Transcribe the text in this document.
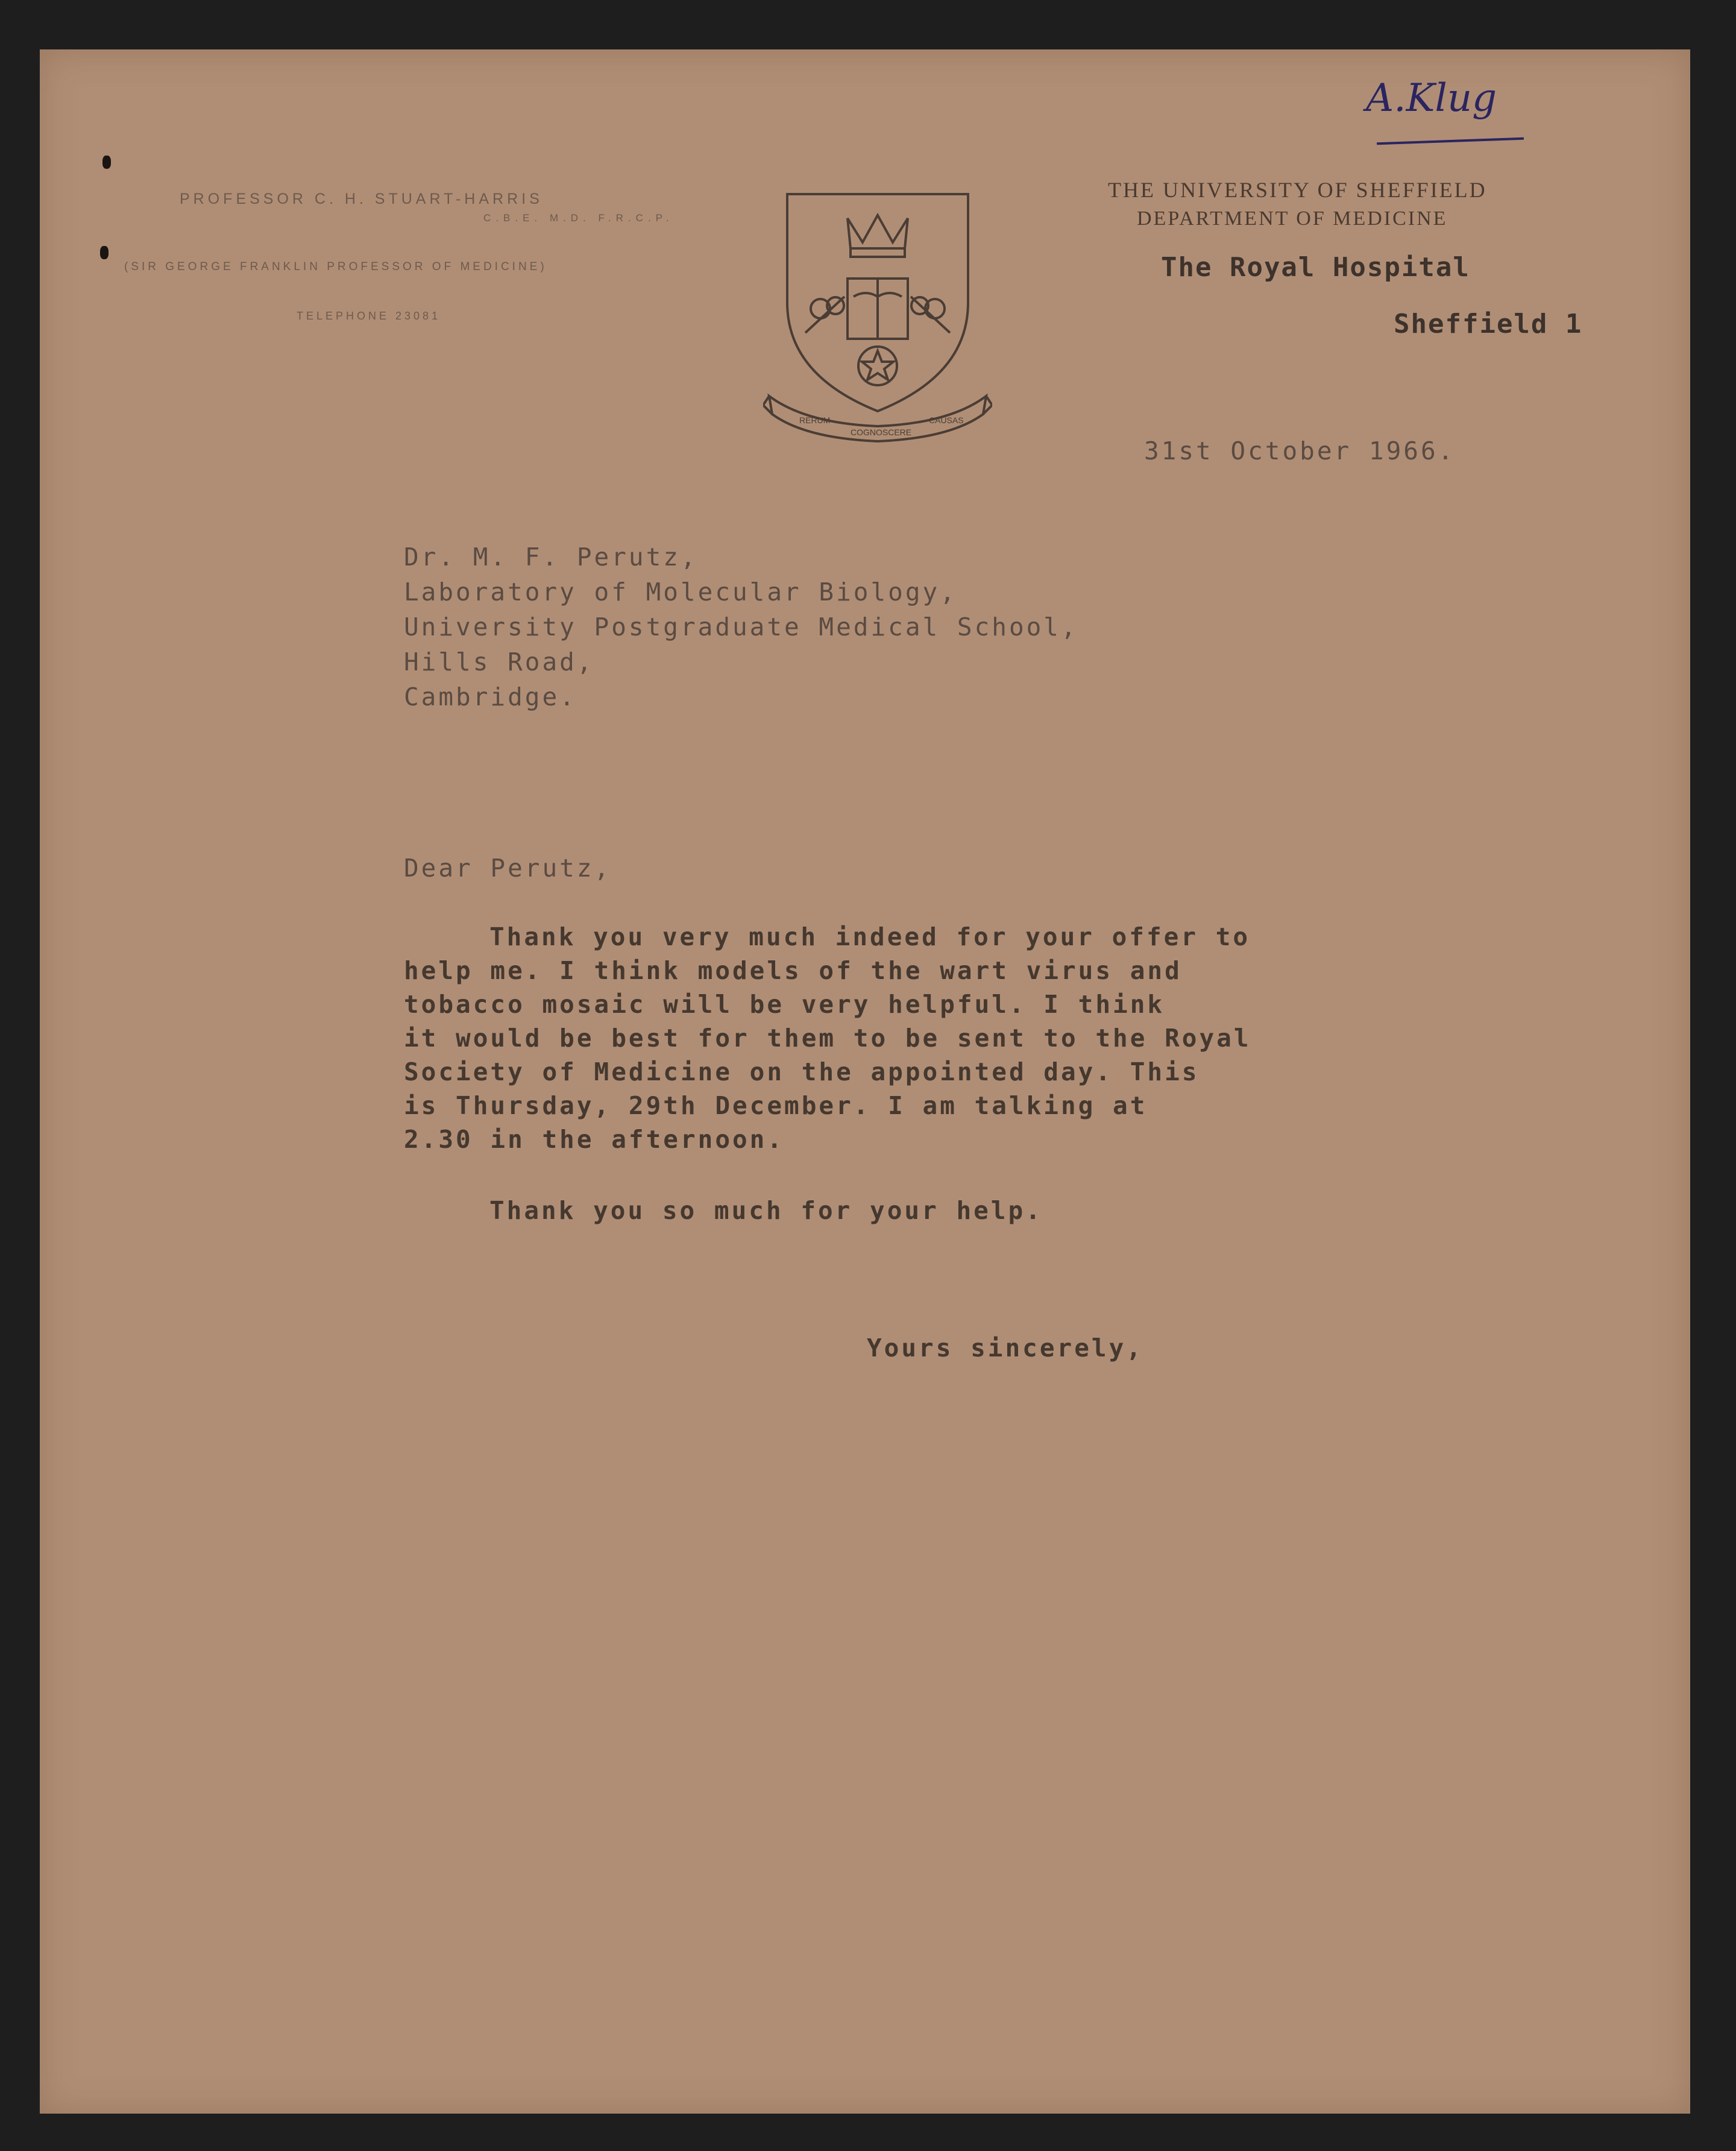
PROFESSOR C. H. STUART-HARRIS
C.B.E. M.D. F.R.C.P.
(SIR GEORGE FRANKLIN PROFESSOR OF MEDICINE)
TELEPHONE 23081
RERUM
COGNOSCERE
CAUSAS
THE UNIVERSITY OF SHEFFIELD
DEPARTMENT OF MEDICINE
The Royal Hospital
Sheffield 1
A.Klug
31st October 1966.
Dr. M. F. Perutz,
Laboratory of Molecular Biology,
University Postgraduate Medical School,
Hills Road,
Cambridge.
Dear Perutz,
Thank you very much indeed for your offer to
help me. I think models of the wart virus and
tobacco mosaic will be very helpful. I think
it would be best for them to be sent to the Royal
Society of Medicine on the appointed day. This
is Thursday, 29th December. I am talking at
2.30 in the afternoon.
Thank you so much for your help.
Yours sincerely,
